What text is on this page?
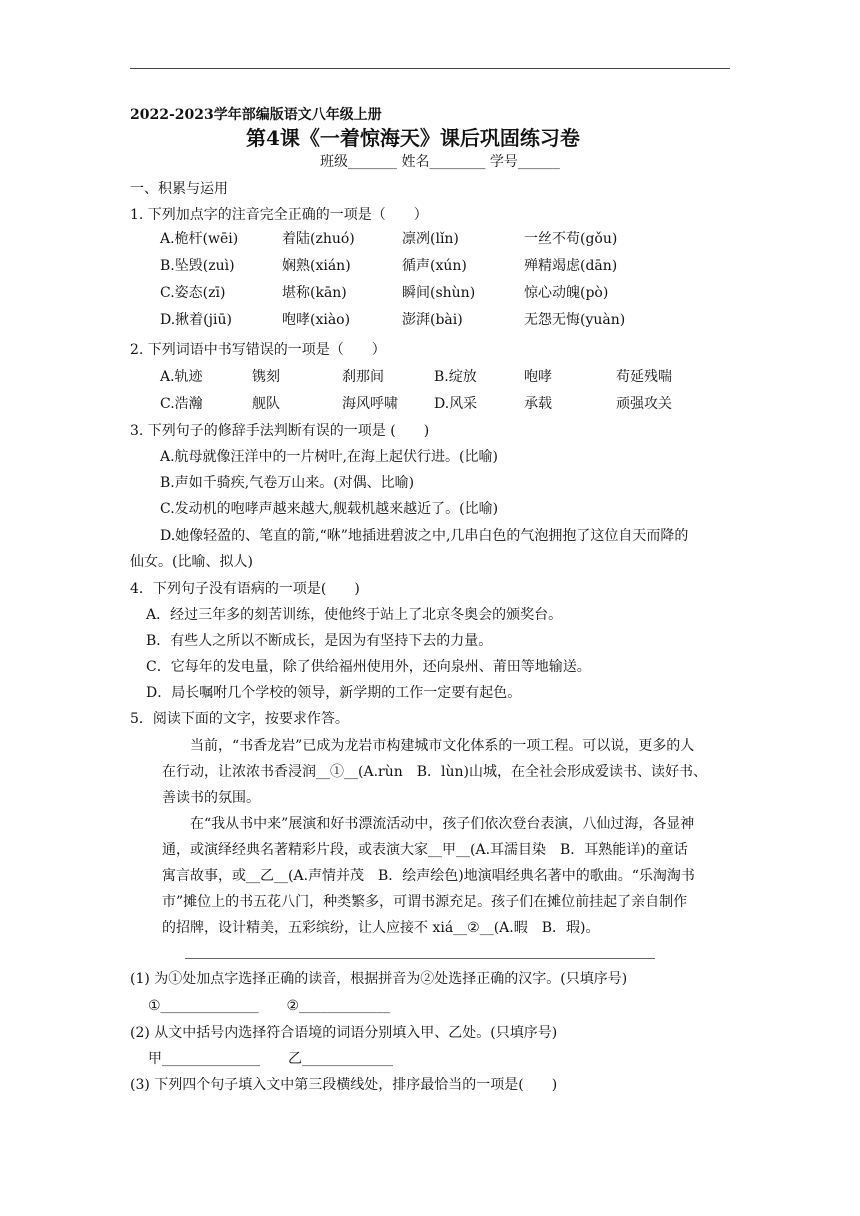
2022-2023学年部编版语文八年级上册
第4课《一着惊海天》课后巩固练习卷
班级_______ 姓名________ 学号______
一、积累与运用
1. 下列加点字的注音完全正确的一项是（　　）
A.桅杆(wēi)	着陆(zhuó)	凛冽(lǐn)	一丝不苟(gǒu)
B.坠毁(zuì)	娴熟(xián)	循声(xún)	殚精竭虑(dān)
C.姿态(zī)	堪称(kān)	瞬间(shùn)	惊心动魄(pò)
D.揪着(jiū)	咆哮(xiào)	澎湃(bài)	无怨无悔(yuàn)
2. 下列词语中书写错误的一项是（　　）
A.轨迹	镌刻	刹那间	B.绽放	咆哮	苟延残喘
C.浩瀚	舰队	海风呼啸	D.风采	承载	顽强攻关
3. 下列句子的修辞手法判断有误的一项是 (　　)
A.航母就像汪洋中的一片树叶,在海上起伏行进。(比喻)
B.声如千骑疾,气卷万山来。(对偶、比喻)
C.发动机的咆哮声越来越大,舰载机越来越近了。(比喻)
D.她像轻盈的、笔直的箭,“咻”地插进碧波之中,几串白色的气泡拥抱了这位自天而降的
仙女。(比喻、拟人)
4．下列句子没有语病的一项是(　　)
A．经过三年多的刻苦训练，使他终于站上了北京冬奥会的颁奖台。
B．有些人之所以不断成长，是因为有坚持下去的力量。
C．它每年的发电量，除了供给福州使用外，还向泉州、莆田等地输送。
D．局长嘱咐几个学校的领导，新学期的工作一定要有起色。
5．阅读下面的文字，按要求作答。
当前，“书香龙岩”已成为龙岩市构建城市文化体系的一项工程。可以说，更多的人
在行动，让浓浓书香浸润__①__(A.rùn　B．lùn)山城，在全社会形成爱读书、读好书、
善读书的氛围。
在“我从书中来”展演和好书漂流活动中，孩子们依次登台表演，八仙过海，各显神
通，或演绎经典名著精彩片段，或表演大家__甲__(A.耳濡目染　B．耳熟能详)的童话
寓言故事，或__乙__(A.声情并茂　B．绘声绘色)地演唱经典名著中的歌曲。“乐淘淘书
市”摊位上的书五花八门，种类繁多，可谓书源充足。孩子们在摊位前挂起了亲自制作
的招牌，设计精美，五彩缤纷，让人应接不 xiá__②__(A.暇　B．瑕)。
(1) 为①处加点字选择正确的读音，根据拼音为②处选择正确的汉字。(只填序号)
①______________　　②_____________
(2) 从文中括号内选择符合语境的词语分别填入甲、乙处。(只填序号)
甲______________　　乙_____________
(3) 下列四个句子填入文中第三段横线处，排序最恰当的一项是(　　)
